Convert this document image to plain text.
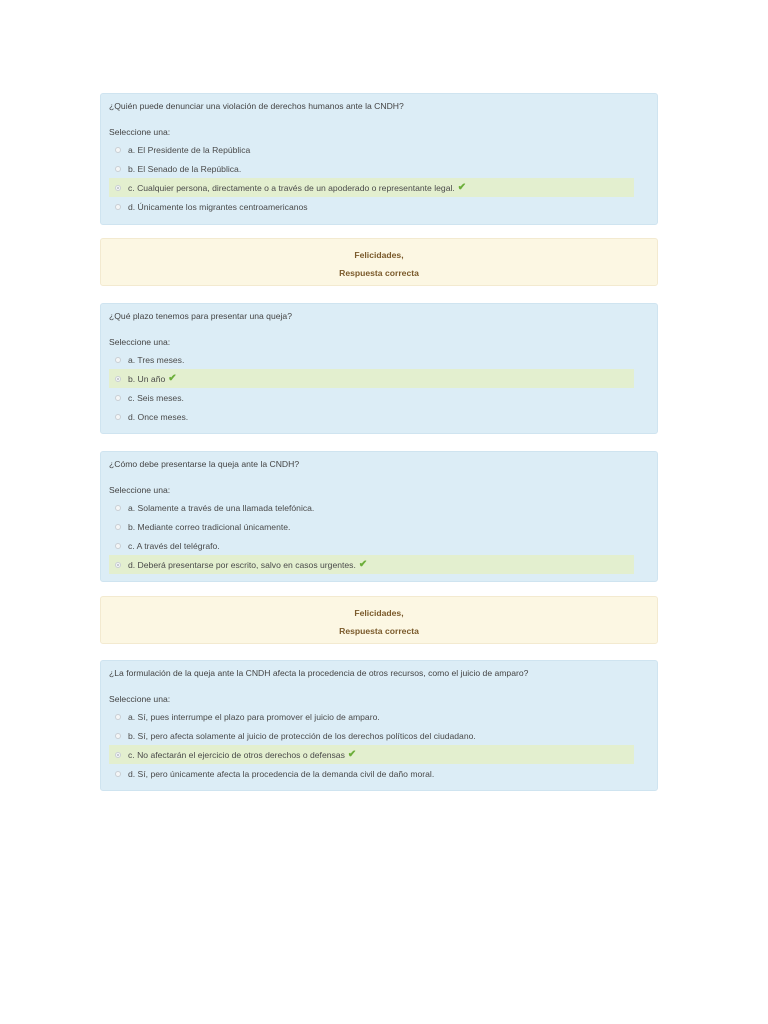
¿Quién puede denunciar una violación de derechos humanos ante la CNDH?
Seleccione una:
a. El Presidente de la República
b. El Senado de la República.
c. Cualquier persona, directamente o a través de un apoderado o representante legal. ✔
d. Únicamente los migrantes centroamericanos
Felicidades,
Respuesta correcta
¿Qué plazo tenemos para presentar una queja?
Seleccione una:
a. Tres meses.
b. Un año ✔
c. Seis meses.
d. Once meses.
¿Cómo debe presentarse la queja ante la CNDH?
Seleccione una:
a. Solamente a través de una llamada telefónica.
b. Mediante correo tradicional únicamente.
c. A través del telégrafo.
d. Deberá presentarse por escrito, salvo en casos urgentes. ✔
Felicidades,
Respuesta correcta
¿La formulación de la queja ante la CNDH afecta la procedencia de otros recursos, como el juicio de amparo?
Seleccione una:
a. Sí, pues interrumpe el plazo para promover el juicio de amparo.
b. Sí, pero afecta solamente al juicio de protección de los derechos políticos del ciudadano.
c. No afectarán el ejercicio de otros derechos o defensas ✔
d. Sí, pero únicamente afecta la procedencia de la demanda civil de daño moral.
